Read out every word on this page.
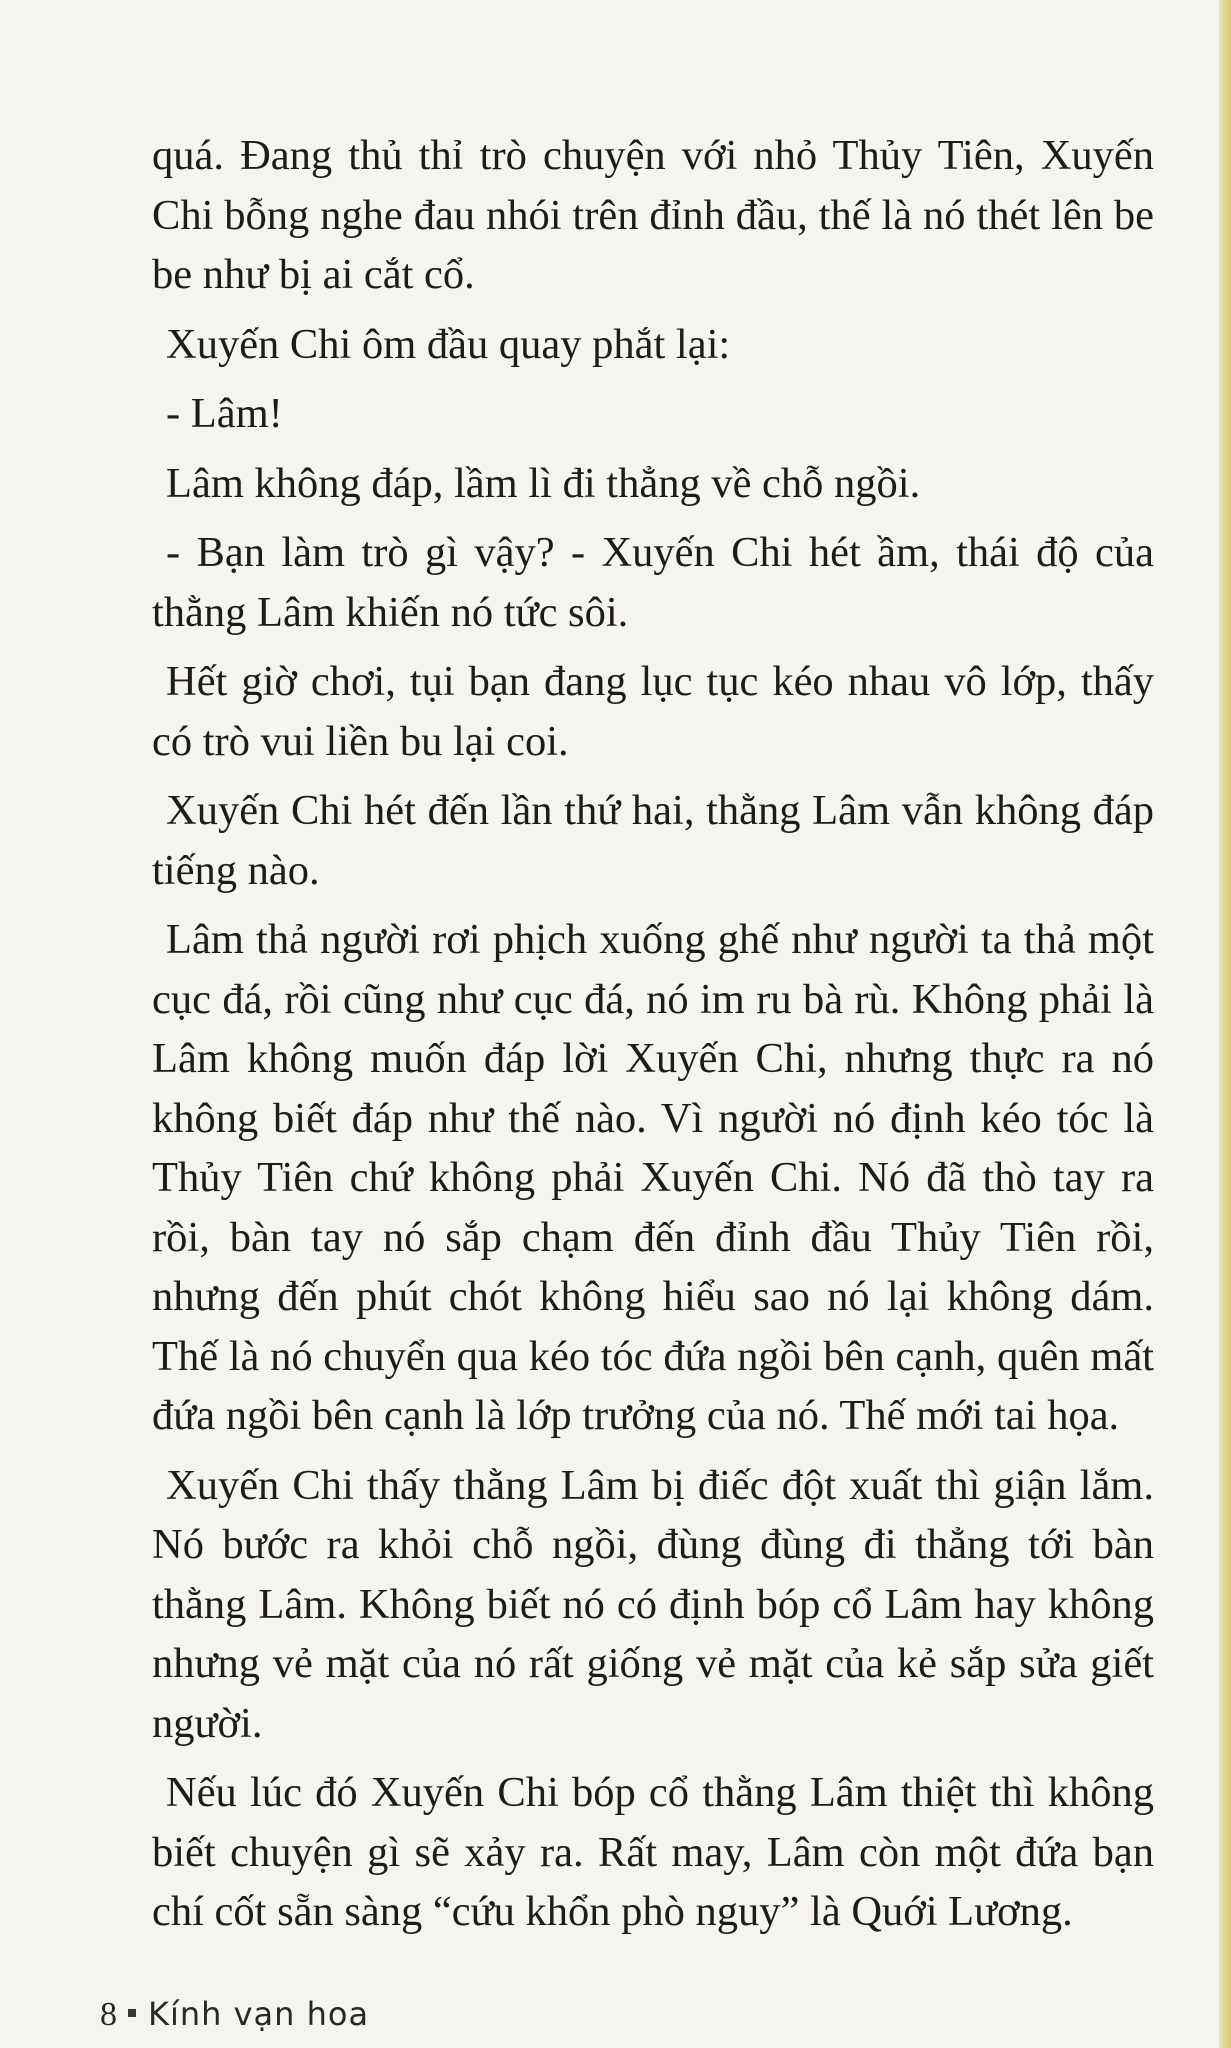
quá. Đang thủ thỉ trò chuyện với nhỏ Thủy Tiên, Xuyến Chi bỗng nghe đau nhói trên đỉnh đầu, thế là nó thét lên be be như bị ai cắt cổ.

Xuyến Chi ôm đầu quay phắt lại:

- Lâm!

Lâm không đáp, lầm lì đi thẳng về chỗ ngồi.

- Bạn làm trò gì vậy? - Xuyến Chi hét ầm, thái độ của thằng Lâm khiến nó tức sôi.

Hết giờ chơi, tụi bạn đang lục tục kéo nhau vô lớp, thấy có trò vui liền bu lại coi.

Xuyến Chi hét đến lần thứ hai, thằng Lâm vẫn không đáp tiếng nào.

Lâm thả người rơi phịch xuống ghế như người ta thả một cục đá, rồi cũng như cục đá, nó im ru bà rù. Không phải là Lâm không muốn đáp lời Xuyến Chi, nhưng thực ra nó không biết đáp như thế nào. Vì người nó định kéo tóc là Thủy Tiên chứ không phải Xuyến Chi. Nó đã thò tay ra rồi, bàn tay nó sắp chạm đến đỉnh đầu Thủy Tiên rồi, nhưng đến phút chót không hiểu sao nó lại không dám. Thế là nó chuyển qua kéo tóc đứa ngồi bên cạnh, quên mất đứa ngồi bên cạnh là lớp trưởng của nó. Thế mới tai họa.

Xuyến Chi thấy thằng Lâm bị điếc đột xuất thì giận lắm. Nó bước ra khỏi chỗ ngồi, đùng đùng đi thẳng tới bàn thằng Lâm. Không biết nó có định bóp cổ Lâm hay không nhưng vẻ mặt của nó rất giống vẻ mặt của kẻ sắp sửa giết người.

Nếu lúc đó Xuyến Chi bóp cổ thằng Lâm thiệt thì không biết chuyện gì sẽ xảy ra. Rất may, Lâm còn một đứa bạn chí cốt sẵn sàng “cứu khổn phò nguy” là Quới Lương.

8 Kính vạn hoa
